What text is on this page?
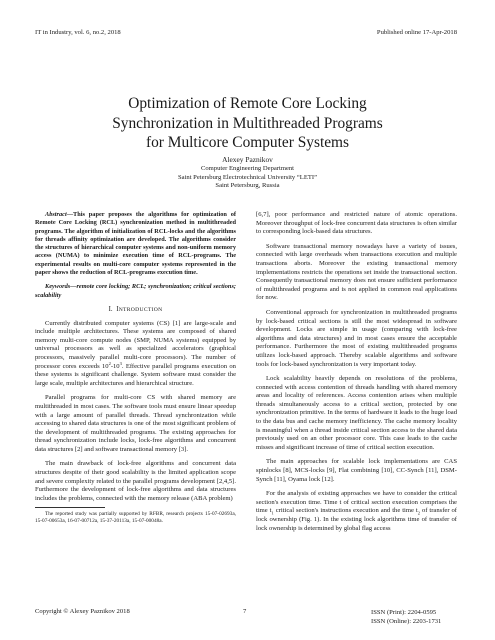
IT in Industry, vol. 6, no.2, 2018	Published online 17-Apr-2018
Optimization of Remote Core Locking
Synchronization in Multithreaded Programs
for Multicore Computer Systems
Alexey Paznikov
Computer Engineering Department
Saint Petersburg Electrotechnical University “LETI”
Saint Petersburg, Russia

Abstract—This paper proposes the algorithms for optimization of Remote Core Locking (RCL) synchronization method in multithreaded programs. The algorithm of initialization of RCL-locks and the algorithms for threads affinity optimization are developed. The algorithms consider the structures of hierarchical computer systems and non-uniform memory access (NUMA) to minimize execution time of RCL-programs. The experimental results on multi-core computer systems represented in the paper shows the reduction of RCL-programs execution time.

Keywords—remote core locking; RCL; synchronization; critical sections; scalability

I. INTRODUCTION

Currently distributed computer systems (CS) [1] are large-scale and include multiple architectures. These systems are composed of shared memory multi-core compute nodes (SMP, NUMA systems) equipped by universal processors as well as specialized accelerators (graphical processors, massively parallel multi-core processors). The number of processor cores exceeds $10^2-10^3$. Effective parallel programs execution on these systems is significant challenge. System software must consider the large scale, multiple architectures and hierarchical structure.

Parallel programs for multi-core CS with shared memory are multithreaded in most cases. The software tools must ensure linear speedup with a large amount of parallel threads. Thread synchronization while accessing to shared data structures is one of the most significant problem of the development of multithreaded programs. The existing approaches for thread synchronization include locks, lock-free algorithms and concurrent data structures [2] and software transactional memory [3].

The main drawback of lock-free algorithms and concurrent data structures despite of their good scalability is the limited application scope and severe complexity related to the parallel programs development [2,4,5]. Furthermore the development of lock-free algorithms and data structures includes the problems, connected with the memory release (ABA problem)

The reported study was partially supported by RFBR, research projects 15-07-02693a, 15-07-00653a, 16-07-00712a, 15-37-20113a, 15-07-00048a.

[6,7], poor performance and restricted nature of atomic operations. Moreover throughput of lock-free concurrent data structures is often similar to corresponding lock-based data structures.

Software transactional memory nowadays have a variety of issues, connected with large overheads when transactions execution and multiple transactions aborts. Moreover the existing transactional memory implementations restricts the operations set inside the transactional section. Consequently transactional memory does not ensure sufficient performance of multithreaded programs and is not applied in common real applications for now.

Conventional approach for synchronization in multithreaded programs by lock-based critical sections is still the most widespread in software development. Locks are simple in usage (comparing with lock-free algorithms and data structures) and in most cases ensure the acceptable performance. Furthermore the most of existing multithreaded programs utilizes lock-based approach. Thereby scalable algorithms and software tools for lock-based synchronization is very important today.

Lock scalability heavily depends on resolutions of the problems, connected with access contention of threads handling with shared memory areas and locality of references. Access contention arises when multiple threads simultaneously access to a critical section, protected by one synchronization primitive. In the terms of hardware it leads to the huge load to the data bus and cache memory inefficiency. The cache memory locality is meaningful when a thread inside critical section access to the shared data previously used on an other processor core. This case leads to the cache misses and significant increase of time of critical section execution.

The main approaches for scalable lock implementations are CAS spinlocks [8], MCS-locks [9], Flat combining [10], CC-Synch [11], DSM-Synch [11], Oyama lock [12].

For the analysis of existing approaches we have to consider the critical section's execution time. Time t of critical section execution comprises the time $t_1$ critical section's instructions execution and the time $t_2$ of transfer of lock ownership (Fig. 1). In the existing lock algorithms time of transfer of lock ownership is determined by global flag access

Copyright © Alexey Paznikov 2018	7	ISSN (Print): 2204-0595
ISSN (Online): 2203-1731
